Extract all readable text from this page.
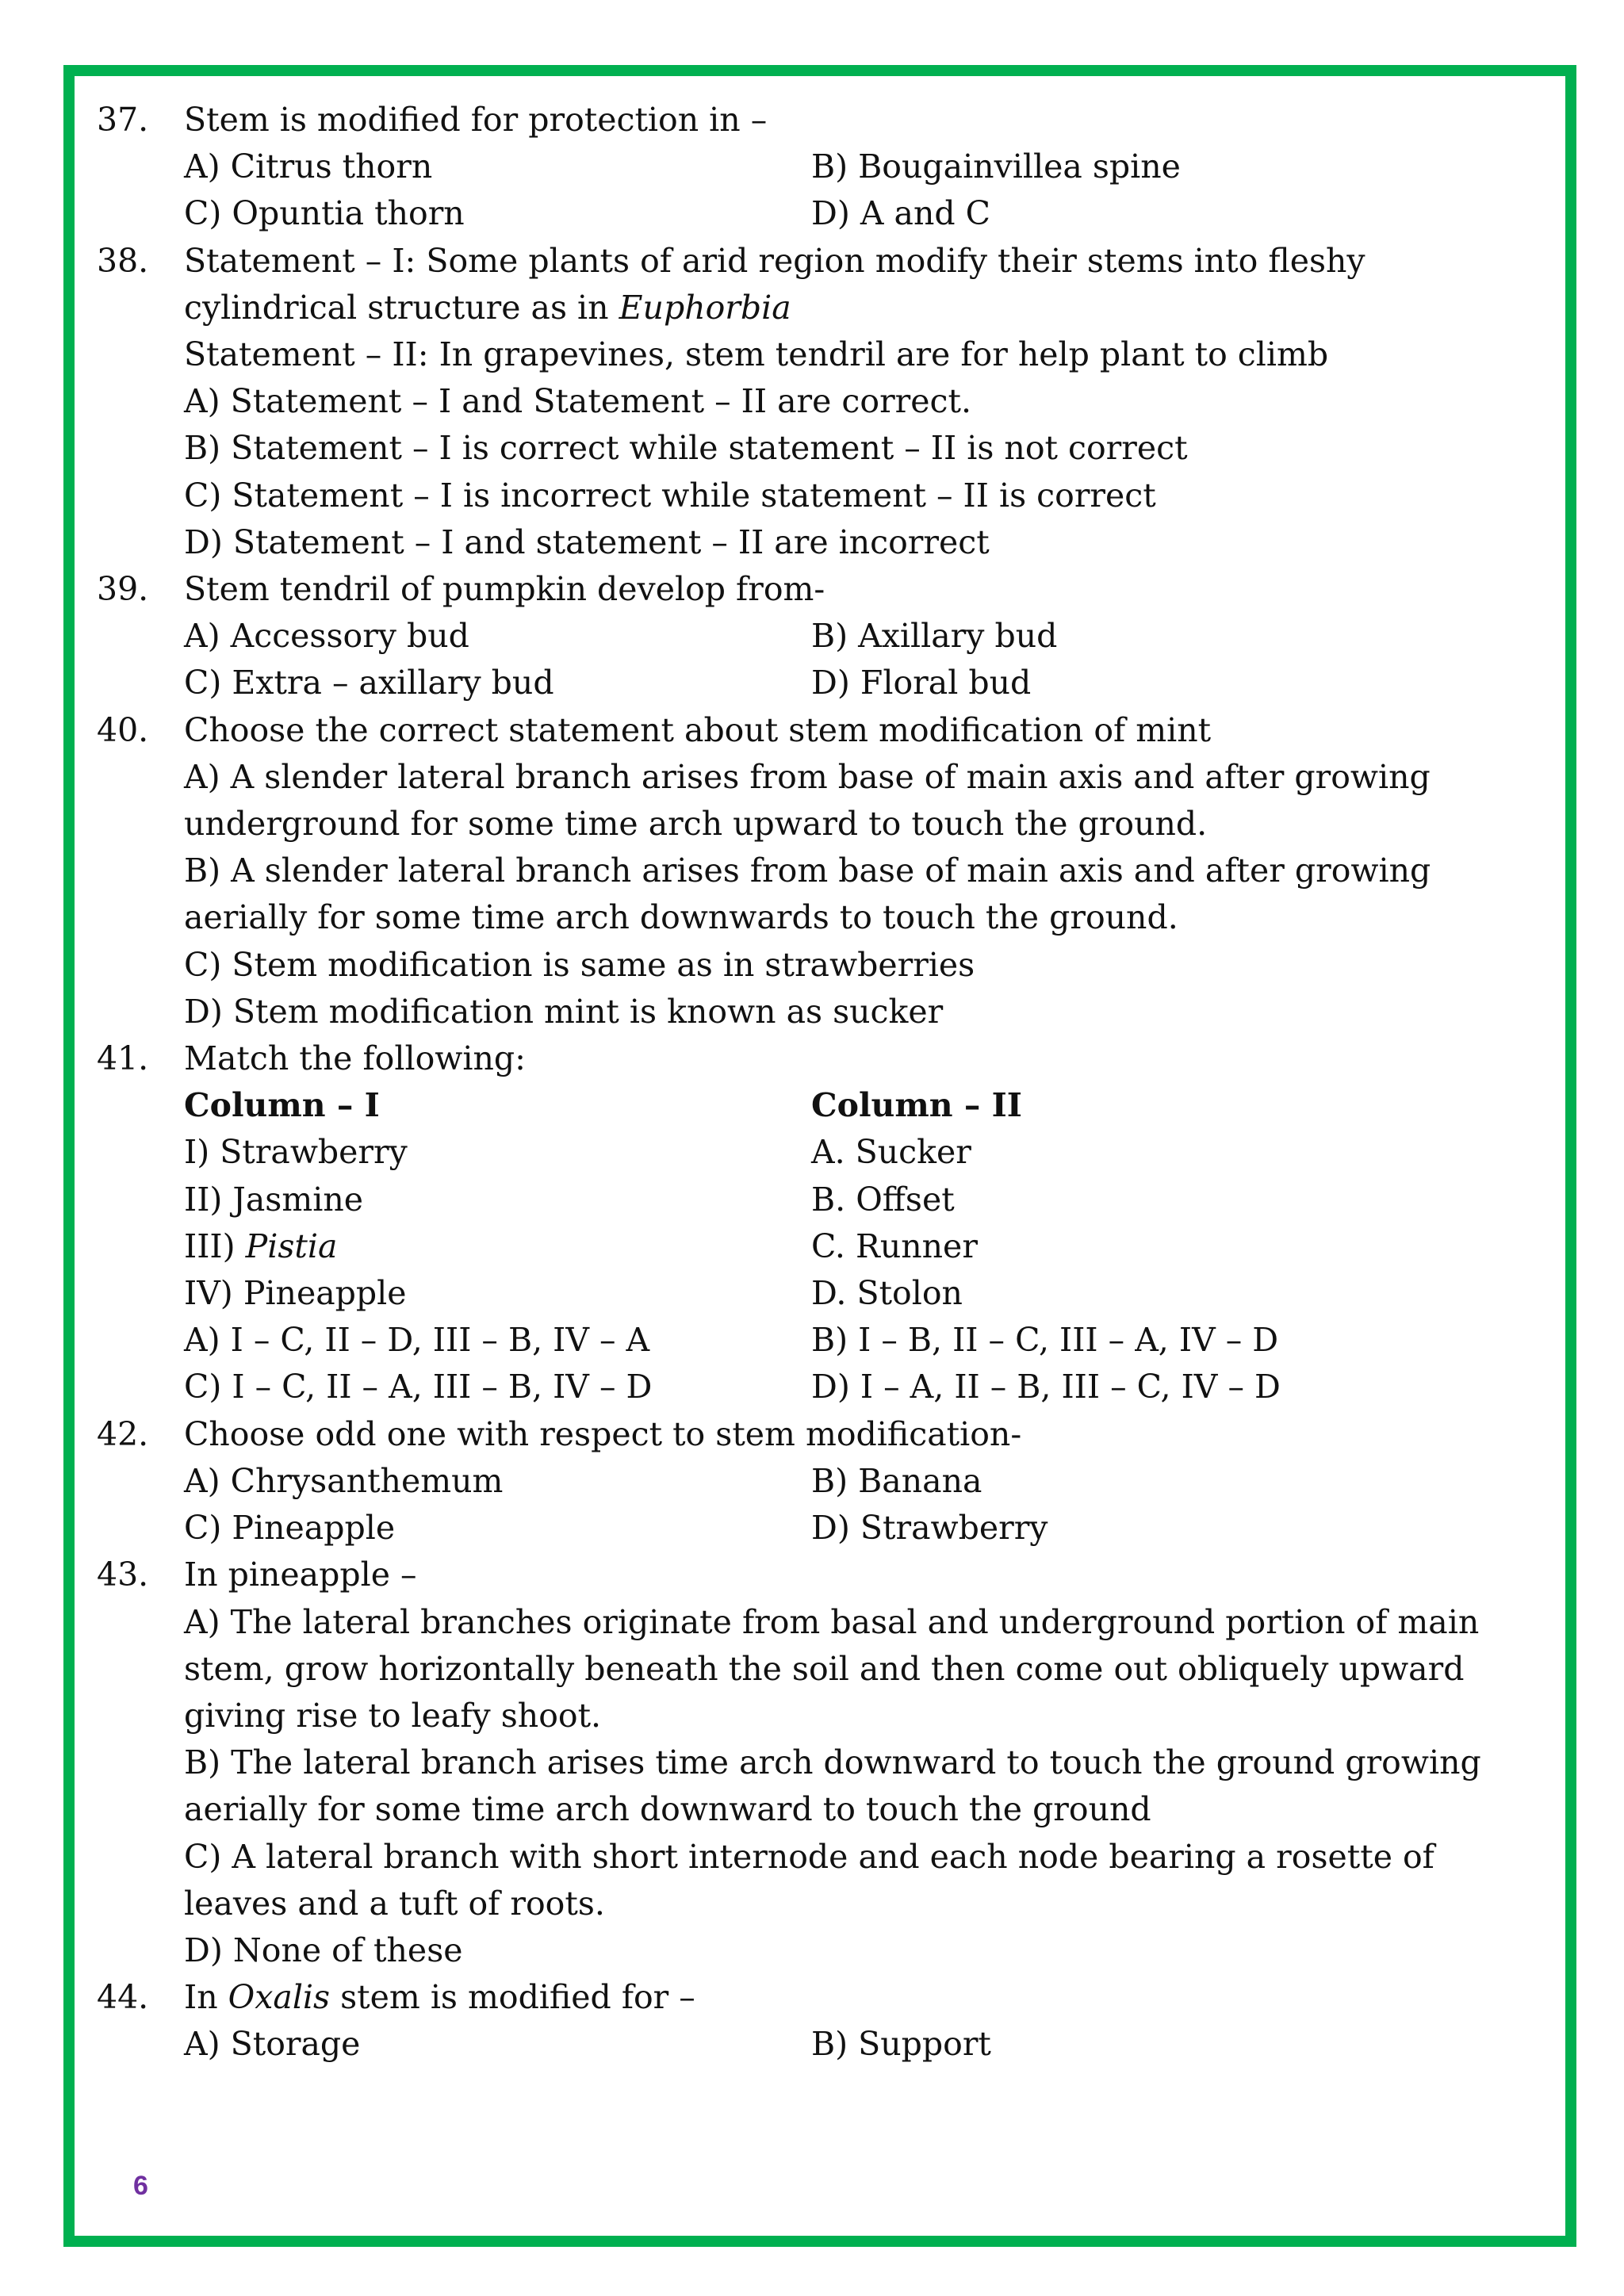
37.	Stem is modified for protection in –
A) Citrus thorn	B) Bougainvillea spine
C) Opuntia thorn	D) A and C
38.	Statement – I: Some plants of arid region modify their stems into fleshy cylindrical structure as in Euphorbia
Statement – II: In grapevines, stem tendril are for help plant to climb
A) Statement – I and Statement – II are correct.
B) Statement – I is correct while statement – II is not correct
C) Statement – I is incorrect while statement – II is correct
D) Statement – I and statement – II are incorrect
39.	Stem tendril of pumpkin develop from-
A) Accessory bud	B) Axillary bud
C) Extra – axillary bud	D) Floral bud
40.	Choose the correct statement about stem modification of mint
A) A slender lateral branch arises from base of main axis and after growing underground for some time arch upward to touch the ground.
B) A slender lateral branch arises from base of main axis and after growing aerially for some time arch downwards to touch the ground.
C) Stem modification is same as in strawberries
D) Stem modification mint is known as sucker
41.	Match the following:
Column – I	Column – II
I) Strawberry	A. Sucker
II) Jasmine	B. Offset
III) Pistia	C. Runner
IV) Pineapple	D. Stolon
A) I – C, II – D, III – B, IV – A	B) I – B, II – C, III – A, IV – D
C) I – C, II – A, III – B, IV – D	D) I – A, II – B, III – C, IV – D
42.	Choose odd one with respect to stem modification-
A) Chrysanthemum	B) Banana
C) Pineapple	D) Strawberry
43.	In pineapple –
A) The lateral branches originate from basal and underground portion of main
stem, grow horizontally beneath the soil and then come out obliquely upward giving rise to leafy shoot.
B) The lateral branch arises time arch downward to touch the ground growing aerially for some time arch downward to touch the ground
C) A lateral branch with short internode and each node bearing a rosette of leaves and a tuft of roots.
D) None of these
44.	In Oxalis stem is modified for –
A) Storage	B) Support
6
